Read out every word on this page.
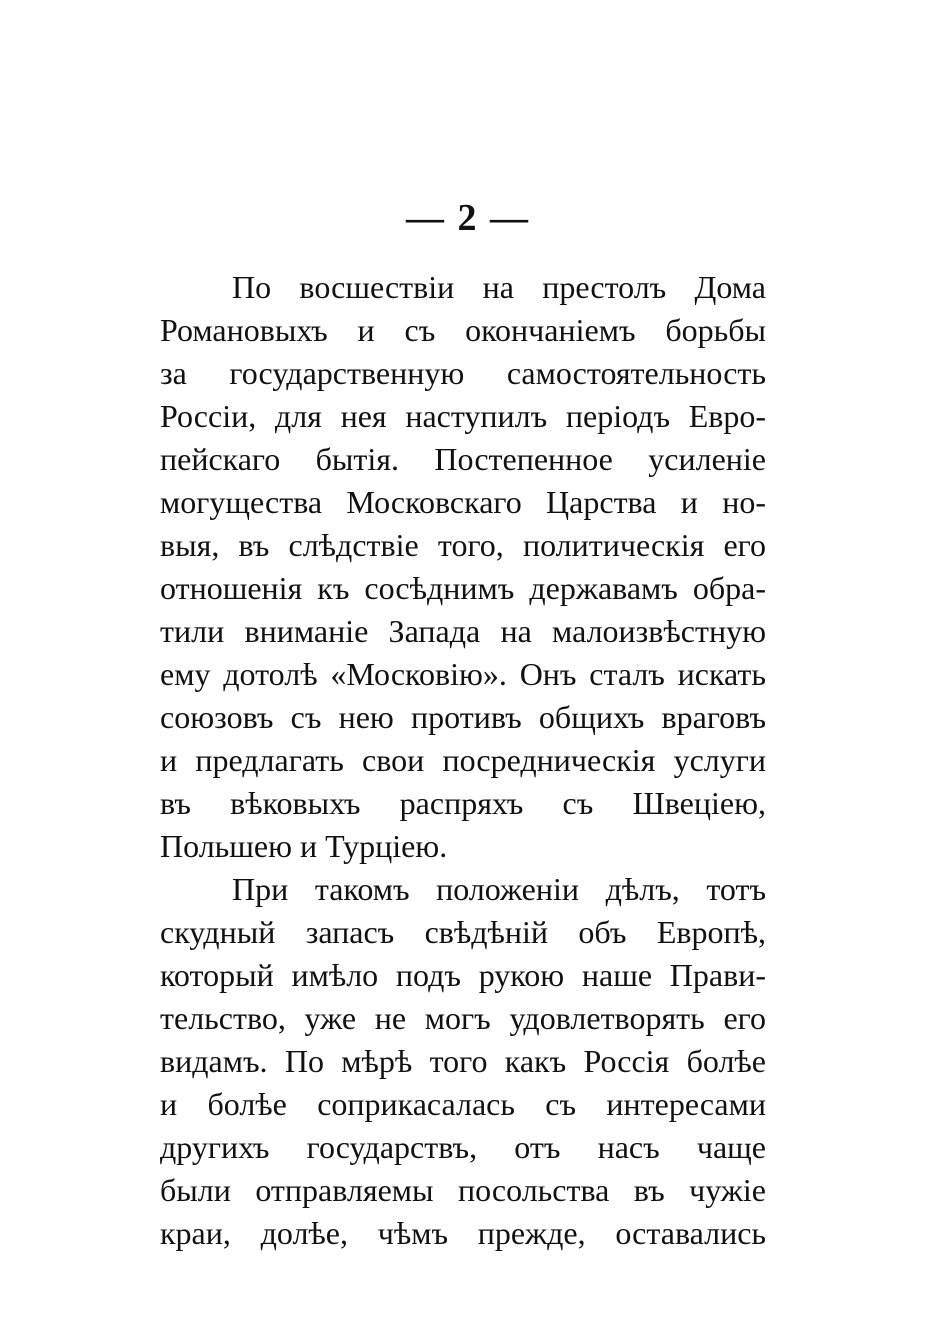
— 2 —
По восшествіи на престолъ Дома
Романовыхъ и съ окончаніемъ борьбы
за государственную самостоятельность
Россіи, для нея наступилъ періодъ Евро-
пейскаго бытія. Постепенное усиленіе
могущества Московскаго Царства и но-
выя, въ слѣдствіе того, политическія его
отношенія къ сосѣднимъ державамъ обра-
тили вниманіе Запада на малоизвѣстную
ему дотолѣ «Московію». Онъ сталъ искать
союзовъ съ нею противъ общихъ враговъ
и предлагать свои посредническія услуги
въ вѣковыхъ распряхъ съ Швеціею,
Польшею и Турціею.
При такомъ положеніи дѣлъ, тотъ
скудный запасъ свѣдѣній объ Европѣ,
который имѣло подъ рукою наше Прави-
тельство, уже не могъ удовлетворять его
видамъ. По мѣрѣ того какъ Россія болѣе
и болѣе соприкасалась съ интересами
другихъ государствъ, отъ насъ чаще
были отправляемы посольства въ чужіе
краи, долѣе, чѣмъ прежде, оставались
